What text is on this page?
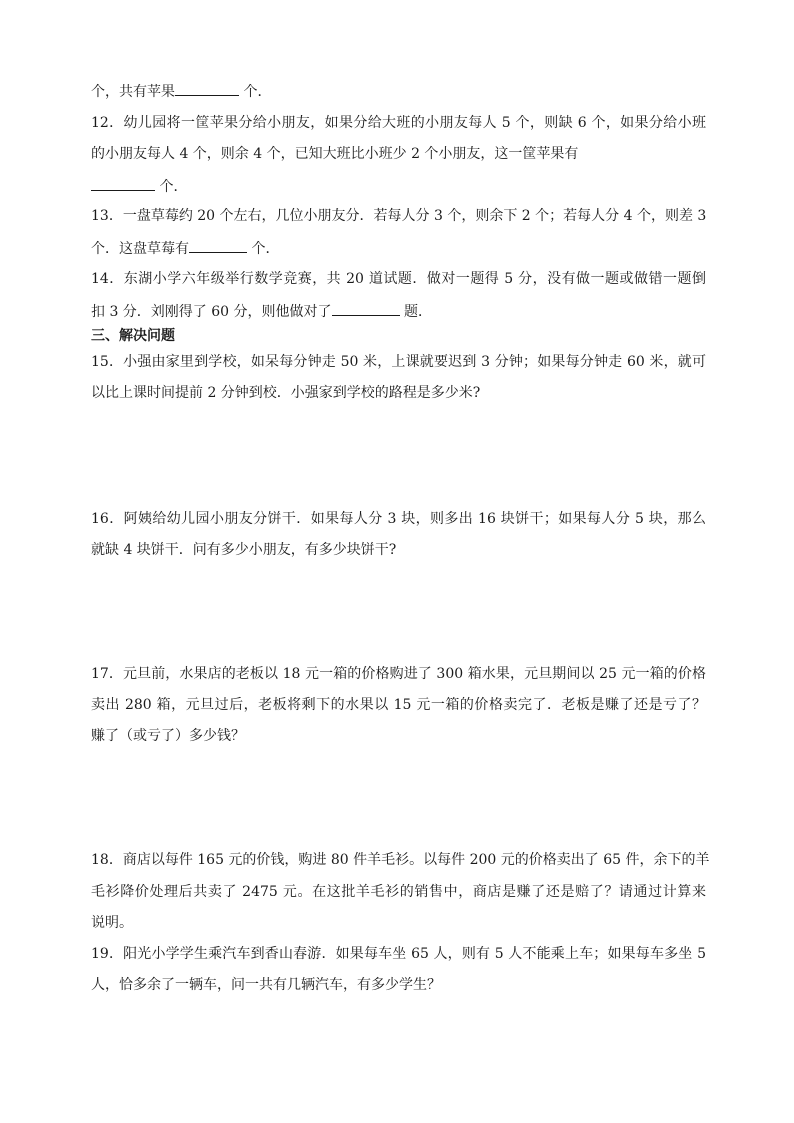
个，共有苹果	个．
12．幼儿园将一筐苹果分给小朋友，如果分给大班的小朋友每人 5 个，则缺 6 个，如果分给小班
的小朋友每人 4 个，则余 4 个，已知大班比小班少 2 个小朋友，这一筐苹果有
个．
13．一盘草莓约 20 个左右，几位小朋友分．若每人分 3 个，则余下 2 个；若每人分 4 个，则差 3
个．这盘草莓有	个．
14．东湖小学六年级举行数学竞赛，共 20 道试题．做对一题得 5 分，没有做一题或做错一题倒
扣 3 分．刘刚得了 60 分，则他做对了	题．
三、解决问题
15．小强由家里到学校，如呆每分钟走 50 米，上课就要迟到 3 分钟；如果每分钟走 60 米，就可
以比上课时间提前 2 分钟到校．小强家到学校的路程是多少米?
16．阿姨给幼儿园小朋友分饼干．如果每人分 3 块，则多出 16 块饼干；如果每人分 5 块，那么
就缺 4 块饼干．问有多少小朋友，有多少块饼干?
17．元旦前，水果店的老板以 18 元一箱的价格购进了 300 箱水果，元旦期间以 25 元一箱的价格
卖出 280 箱，元旦过后，老板将剩下的水果以 15 元一箱的价格卖完了．老板是赚了还是亏了？
赚了（或亏了）多少钱？
18．商店以每件 165 元的价钱，购进 80 件羊毛衫。以每件 200 元的价格卖出了 65 件，余下的羊
毛衫降价处理后共卖了 2475 元。在这批羊毛衫的销售中，商店是赚了还是赔了？请通过计算来
说明。
19．阳光小学学生乘汽车到香山春游．如果每车坐 65 人，则有 5 人不能乘上车；如果每车多坐 5
人，恰多余了一辆车，问一共有几辆汽车，有多少学生？
